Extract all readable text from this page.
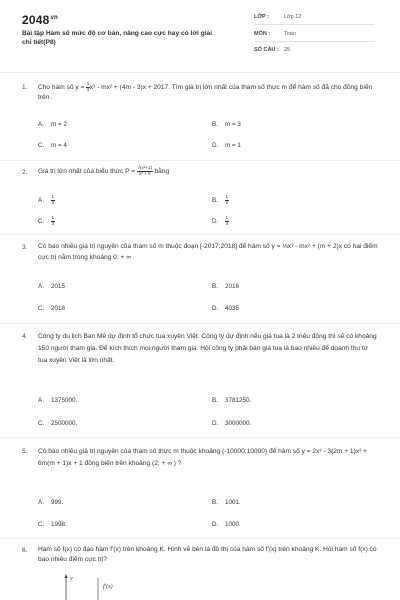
$2048^{vn}$
Bài tập Hàm số mức độ cơ bản, nâng cao cực hay có lời giải chi tiết(P8)
LỚP :	Lớp 12
MÔN :	Toán
SỐ CÂU : 25
1. Cho hàm số $y = \frac{1}{3} x^3 - mx^2 + (4m - 3)x + 2017$. Tìm giá trị lớn nhất của tham số thực m để hàm số đã cho đồng biến trên .
A. m = 2	B. m = 3
C. m = 4	D. m = 1
2. Giá trị lớn nhất của biểu thức $P = \frac{\text{√(x²+1)}}{\text{x² + 5}}$ bằng
A. $\frac{1}{3}$	B. $\frac{1}{2}$
C. $\frac{1}{3}$	D. $\frac{1}{4}$
3. Có bao nhiêu giá trị nguyên của tham số m thuộc đoạn [-2017;2018] để hàm số y = ⅓x³ - mx² + (m + 2)x có hai điểm cực trị nằm trong khoảng 0; + ∞ .
A. 2015	B. 2016
C. 2018	D. 4035
4. Công ty du lịch Ban Mê dự định tổ chức tua xuyên Việt. Công ty dự định nếu giá tua là 2 triệu đồng thì sẽ có khoảng 150 người tham gia. Để kích thích mọi người tham gia. Hỏi công ty phải bán giá tua là bao nhiêu để doanh thu từ tua xuyên Việt là lớn nhất.
A. 1375000.	B. 3781250.
C. 2500000.	D. 3000000.
5. Có bao nhiêu giá trị nguyên của tham số thực m thuộc khoảng (-10000;10000) để hàm số y = 2x³ - 3(2m + 1)x² + 6m(m + 1)x + 1 đồng biến trên khoảng (2; + ∞ ) ?
A. 999.	B. 1001.
C. 1998.	D. 1000.
6. Hàm số f(x) có đạo hàm f'(x) trên khoảng K. Hình vẽ bên là đồ thị của hàm số f'(x) trên khoảng K. Hỏi hàm số f(x) có bao nhiêu điểm cực trị?
y
f'(x)
